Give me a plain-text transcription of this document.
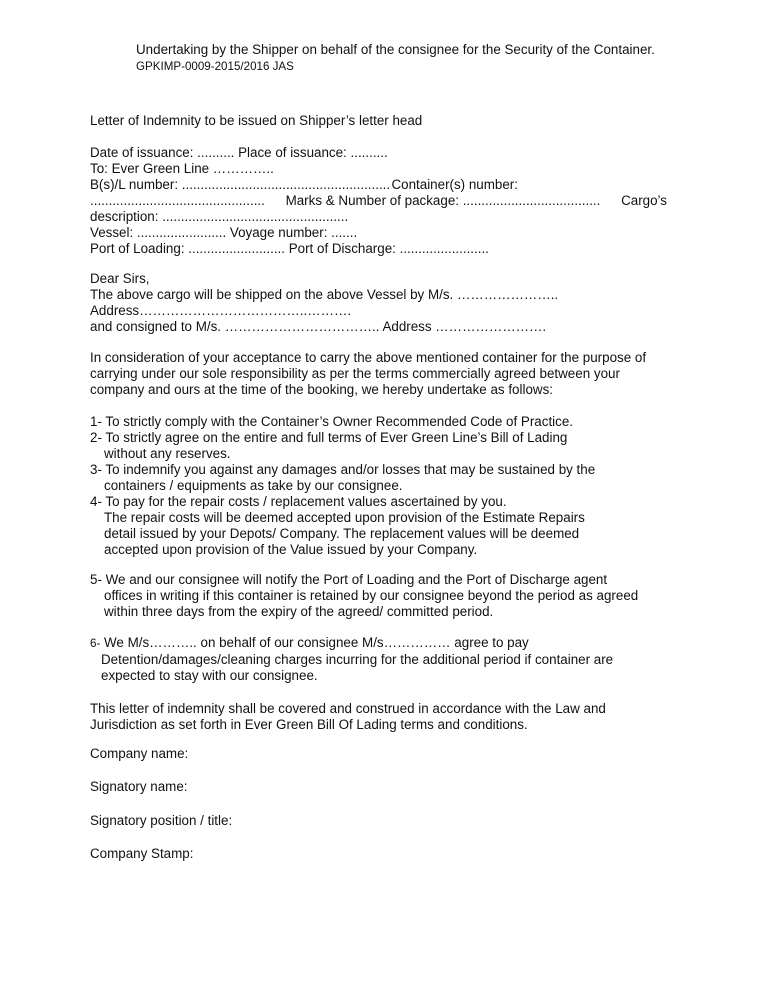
Undertaking by the Shipper on behalf of the consignee for the Security of the Container.
GPKIMP-0009-2015/2016 JAS
Letter of Indemnity to be issued on Shipper’s letter head
Date of issuance: .......... Place of issuance: ..........
To: Ever Green Line …………..
B(s)/L number: ........................................................ Container(s) number:
............................................... Marks & Number of package: ..................................... Cargo’s
description: ..................................................
Vessel: ........................ Voyage number: .......
Port of Loading: .......................... Port of Discharge: ........................
Dear Sirs,
The above cargo will be shipped on the above Vessel by M/s. …………………..
Address………………………………..……….
and consigned to M/s. …………………………….. Address …………………….
In consideration of your acceptance to carry the above mentioned container for the purpose of
carrying under our sole responsibility as per the terms commercially agreed between your
company and ours at the time of the booking, we hereby undertake as follows:
1- To strictly comply with the Container’s Owner Recommended Code of Practice.
2- To strictly agree on the entire and full terms of Ever Green Line’s Bill of Lading
without any reserves.
3- To indemnify you against any damages and/or losses that may be sustained by the
containers / equipments as take by our consignee.
4- To pay for the repair costs / replacement values ascertained by you.
The repair costs will be deemed accepted upon provision of the Estimate Repairs
detail issued by your Depots/ Company. The replacement values will be deemed
accepted upon provision of the Value issued by your Company.
5- We and our consignee will notify the Port of Loading and the Port of Discharge agent
offices in writing if this container is retained by our consignee beyond the period as agreed
within three days from the expiry of the agreed/ committed period.
6- We M/s……….. on behalf of our consignee M/s…………… agree to pay
Detention/damages/cleaning charges incurring for the additional period if container are
expected to stay with our consignee.
This letter of indemnity shall be covered and construed in accordance with the Law and
Jurisdiction as set forth in Ever Green Bill Of Lading terms and conditions.
Company name:
Signatory name:
Signatory position / title:
Company Stamp:
